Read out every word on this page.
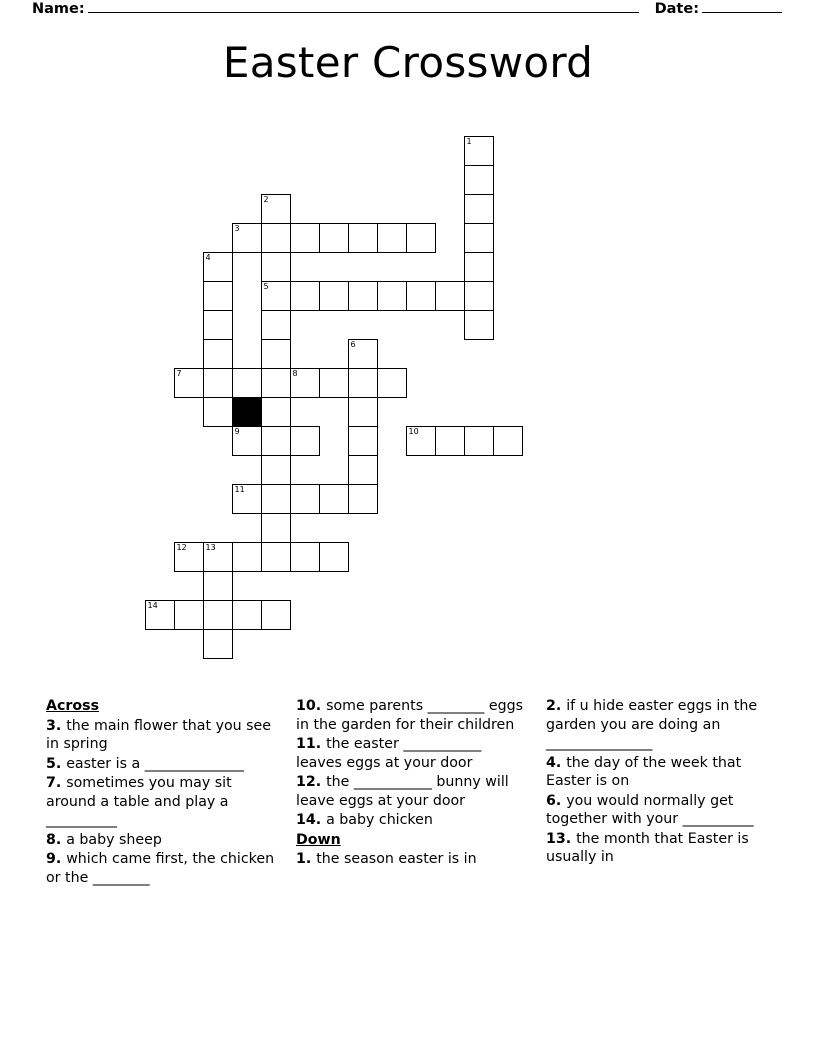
Name:	Date:
Easter Crossword
1
2
3
4
5
6
7	8
9	10
11
12 13
14
Across
3. the main flower that you see in spring
5. easter is a ______________
7. sometimes you may sit around a table and play a __________
8. a baby sheep
9. which came first, the chicken or the ________
10. some parents ________ eggs in the garden for their children
11. the easter ___________ leaves eggs at your door
12. the ___________ bunny will leave eggs at your door
14. a baby chicken
Down
1. the season easter is in
2. if u hide easter eggs in the garden you are doing an _______________
4. the day of the week that Easter is on
6. you would normally get together with your __________
13. the month that Easter is usually in
